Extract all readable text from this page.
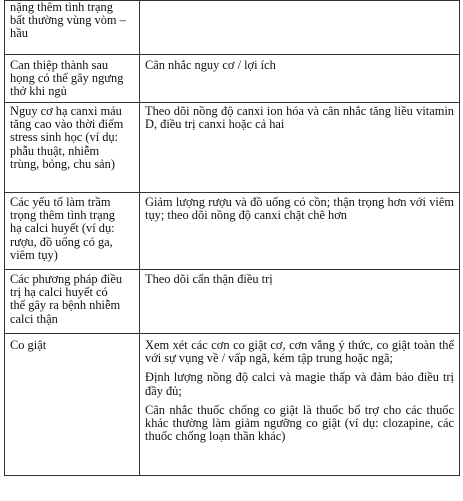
nặng thêm tình trạng
bất thường vùng vòm –
hầu	

Can thiệp thành sau
họng có thể gây ngưng
thở khi ngủ	Cân nhắc nguy cơ / lợi ích

Nguy cơ hạ canxi máu
tăng cao vào thời điểm
stress sinh học (ví dụ:
phẫu thuật, nhiễm
trùng, bỏng, chu sản)	Theo dõi nồng độ canxi ion hóa và cân nhắc tăng liều vitamin D, điều trị canxi hoặc cả hai

Các yếu tố làm trầm
trọng thêm tình trạng
hạ calci huyết (ví dụ:
rượu, đồ uống có ga,
viêm tụy)	Giảm lượng rượu và đồ uống có cồn; thận trọng hơn với viêm tụy; theo dõi nồng độ canxi chặt chẽ hơn

Các phương pháp điều
trị hạ calci huyết có
thể gây ra bệnh nhiễm
calci thận	Theo dõi cẩn thận điều trị

Co giật	Xem xét các cơn co giật cơ, cơn vắng ý thức, co giật toàn thể với sự vụng về / vấp ngã, kém tập trung hoặc ngã;
Định lượng nồng độ calci và magie thấp và đảm bảo điều trị đầy đủ;
Cân nhắc thuốc chống co giật là thuốc bổ trợ cho các thuốc khác thường làm giảm ngưỡng co giật (ví dụ: clozapine, các thuốc chống loạn thần khác)
